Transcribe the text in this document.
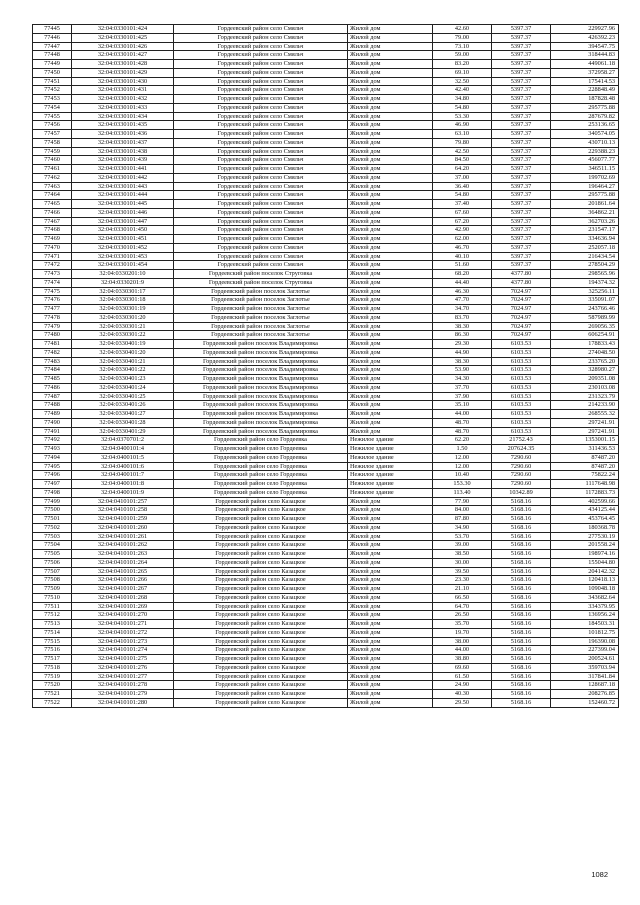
77445	32:04:0330101:424	Гордеевский район село Смяльч	Жилой дом	42.60	5397.37	229927.96
77446	32:04:0330101:425	Гордеевский район село Смяльч	Жилой дом	79.00	5397.37	426392.23
77447	32:04:0330101:426	Гордеевский район село Смяльч	Жилой дом	73.10	5397.37	394547.75
77448	32:04:0330101:427	Гордеевский район село Смяльч	Жилой дом	59.00	5397.37	318444.83
77449	32:04:0330101:428	Гордеевский район село Смяльч	Жилой дом	83.20	5397.37	449061.18
77450	32:04:0330101:429	Гордеевский район село Смяльч	Жилой дом	69.10	5397.37	372958.27
77451	32:04:0330101:430	Гордеевский район село Смяльч	Жилой дом	32.50	5397.37	175414.53
77452	32:04:0330101:431	Гордеевский район село Смяльч	Жилой дом	42.40	5397.37	228848.49
77453	32:04:0330101:432	Гордеевский район село Смяльч	Жилой дом	34.80	5397.37	187828.48
77454	32:04:0330101:433	Гордеевский район село Смяльч	Жилой дом	54.80	5397.37	295775.88
77455	32:04:0330101:434	Гордеевский район село Смяльч	Жилой дом	53.30	5397.37	287679.82
77456	32:04:0330101:435	Гордеевский район село Смяльч	Жилой дом	46.90	5397.37	253136.65
77457	32:04:0330101:436	Гордеевский район село Смяльч	Жилой дом	63.10	5397.37	340574.05
77458	32:04:0330101:437	Гордеевский район село Смяльч	Жилой дом	79.80	5397.37	430710.13
77459	32:04:0330101:438	Гордеевский район село Смяльч	Жилой дом	42.50	5397.37	229388.23
77460	32:04:0330101:439	Гордеевский район село Смяльч	Жилой дом	84.50	5397.37	456077.77
77461	32:04:0330101:441	Гордеевский район село Смяльч	Жилой дом	64.20	5397.37	346511.15
77462	32:04:0330101:442	Гордеевский район село Смяльч	Жилой дом	37.00	5397.37	199702.69
77463	32:04:0330101:443	Гордеевский район село Смяльч	Жилой дом	36.40	5397.37	196464.27
77464	32:04:0330101:444	Гордеевский район село Смяльч	Жилой дом	54.80	5397.37	295775.88
77465	32:04:0330101:445	Гордеевский район село Смяльч	Жилой дом	37.40	5397.37	201861.64
77466	32:04:0330101:446	Гордеевский район село Смяльч	Жилой дом	67.60	5397.37	364862.21
77467	32:04:0330101:447	Гордеевский район село Смяльч	Жилой дом	67.20	5397.37	362703.26
77468	32:04:0330101:450	Гордеевский район село Смяльч	Жилой дом	42.90	5397.37	231547.17
77469	32:04:0330101:451	Гордеевский район село Смяльч	Жилой дом	62.00	5397.37	334636.94
77470	32:04:0330101:452	Гордеевский район село Смяльч	Жилой дом	46.70	5397.37	252057.18
77471	32:04:0330101:453	Гордеевский район село Смяльч	Жилой дом	40.10	5397.37	216434.54
77472	32:04:0330101:454	Гордеевский район село Смяльч	Жилой дом	51.60	5397.37	278504.29
77473	32:04:0330201:10	Гордеевский район поселок Струговка	Жилой дом	68.20	4377.80	298565.96
77474	32:04:0330201:9	Гордеевский район поселок Струговка	Жилой дом	44.40	4377.80	194374.32
77475	32:04:0330301:17	Гордеевский район поселок Заглотье	Жилой дом	46.30	7024.97	325256.11
77476	32:04:0330301:18	Гордеевский район поселок Заглотье	Жилой дом	47.70	7024.97	335091.07
77477	32:04:0330301:19	Гордеевский район поселок Заглотье	Жилой дом	34.70	7024.97	243766.46
77478	32:04:0330301:20	Гордеевский район поселок Заглотье	Жилой дом	83.70	7024.97	587989.99
77479	32:04:0330301:21	Гордеевский район поселок Заглотье	Жилой дом	38.30	7024.97	269056.35
77480	32:04:0330301:22	Гордеевский район поселок Заглотье	Жилой дом	86.30	7024.97	606254.91
77481	32:04:0330401:19	Гордеевский район поселок Владимировка	Жилой дом	29.30	6103.53	178833.43
77482	32:04:0330401:20	Гордеевский район поселок Владимировка	Жилой дом	44.90	6103.53	274048.50
77483	32:04:0330401:21	Гордеевский район поселок Владимировка	Жилой дом	38.30	6103.53	233765.20
77484	32:04:0330401:22	Гордеевский район поселок Владимировка	Жилой дом	53.90	6103.53	328980.27
77485	32:04:0330401:23	Гордеевский район поселок Владимировка	Жилой дом	34.30	6103.53	209351.08
77486	32:04:0330401:24	Гордеевский район поселок Владимировка	Жилой дом	37.70	6103.53	230103.08
77487	32:04:0330401:25	Гордеевский район поселок Владимировка	Жилой дом	37.90	6103.53	231323.79
77488	32:04:0330401:26	Гордеевский район поселок Владимировка	Жилой дом	35.10	6103.53	214233.90
77489	32:04:0330401:27	Гордеевский район поселок Владимировка	Жилой дом	44.00	6103.53	268555.32
77490	32:04:0330401:28	Гордеевский район поселок Владимировка	Жилой дом	48.70	6103.53	297241.91
77491	32:04:0330401:29	Гордеевский район поселок Владимировка	Жилой дом	48.70	6103.53	297241.91
77492	32:04:0370701:2	Гордеевский район село Гордеевка	Нежилое здание	62.20	21752.43	1353001.15
77493	32:04:0400101:4	Гордеевский район село Гордеевка	Нежилое здание	1.50	207624.35	311436.53
77494	32:04:0400101:5	Гордеевский район село Гордеевка	Нежилое здание	12.00	7290.60	87487.20
77495	32:04:0400101:6	Гордеевский район село Гордеевка	Нежилое здание	12.00	7290.60	87487.20
77496	32:04:0400101:7	Гордеевский район село Гордеевка	Нежилое здание	10.40	7290.60	75822.24
77497	32:04:0400101:8	Гордеевский район село Гордеевка	Нежилое здание	153.30	7290.60	1117648.98
77498	32:04:0400101:9	Гордеевский район село Гордеевка	Нежилое здание	113.40	10342.89	1172883.73
77499	32:04:0410101:257	Гордеевский район село Казацкое	Жилой дом	77.90	5168.16	402599.66
77500	32:04:0410101:258	Гордеевский район село Казацкое	Жилой дом	84.00	5168.16	434125.44
77501	32:04:0410101:259	Гордеевский район село Казацкое	Жилой дом	87.80	5168.16	453764.45
77502	32:04:0410101:260	Гордеевский район село Казацкое	Жилой дом	34.90	5168.16	180368.78
77503	32:04:0410101:261	Гордеевский район село Казацкое	Жилой дом	53.70	5168.16	277530.19
77504	32:04:0410101:262	Гордеевский район село Казацкое	Жилой дом	39.00	5168.16	201558.24
77505	32:04:0410101:263	Гордеевский район село Казацкое	Жилой дом	38.50	5168.16	198974.16
77506	32:04:0410101:264	Гордеевский район село Казацкое	Жилой дом	30.00	5168.16	155044.80
77507	32:04:0410101:265	Гордеевский район село Казацкое	Жилой дом	39.50	5168.16	204142.32
77508	32:04:0410101:266	Гордеевский район село Казацкое	Жилой дом	23.30	5168.16	120418.13
77509	32:04:0410101:267	Гордеевский район село Казацкое	Жилой дом	21.10	5168.16	109048.18
77510	32:04:0410101:268	Гордеевский район село Казацкое	Жилой дом	66.50	5168.16	343682.64
77511	32:04:0410101:269	Гордеевский район село Казацкое	Жилой дом	64.70	5168.16	334379.95
77512	32:04:0410101:270	Гордеевский район село Казацкое	Жилой дом	26.50	5168.16	136956.24
77513	32:04:0410101:271	Гордеевский район село Казацкое	Жилой дом	35.70	5168.16	184503.31
77514	32:04:0410101:272	Гордеевский район село Казацкое	Жилой дом	19.70	5168.16	101812.75
77515	32:04:0410101:273	Гордеевский район село Казацкое	Жилой дом	38.00	5168.16	196390.08
77516	32:04:0410101:274	Гордеевский район село Казацкое	Жилой дом	44.00	5168.16	227399.04
77517	32:04:0410101:275	Гордеевский район село Казацкое	Жилой дом	38.80	5168.16	200524.61
77518	32:04:0410101:276	Гордеевский район село Казацкое	Жилой дом	69.60	5168.16	359703.94
77519	32:04:0410101:277	Гордеевский район село Казацкое	Жилой дом	61.50	5168.16	317841.84
77520	32:04:0410101:278	Гордеевский район село Казацкое	Жилой дом	24.90	5168.16	128687.18
77521	32:04:0410101:279	Гордеевский район село Казацкое	Жилой дом	40.30	5168.16	208276.85
77522	32:04:0410101:280	Гордеевский район село Казацкое	Жилой дом	29.50	5168.16	152460.72
1082
